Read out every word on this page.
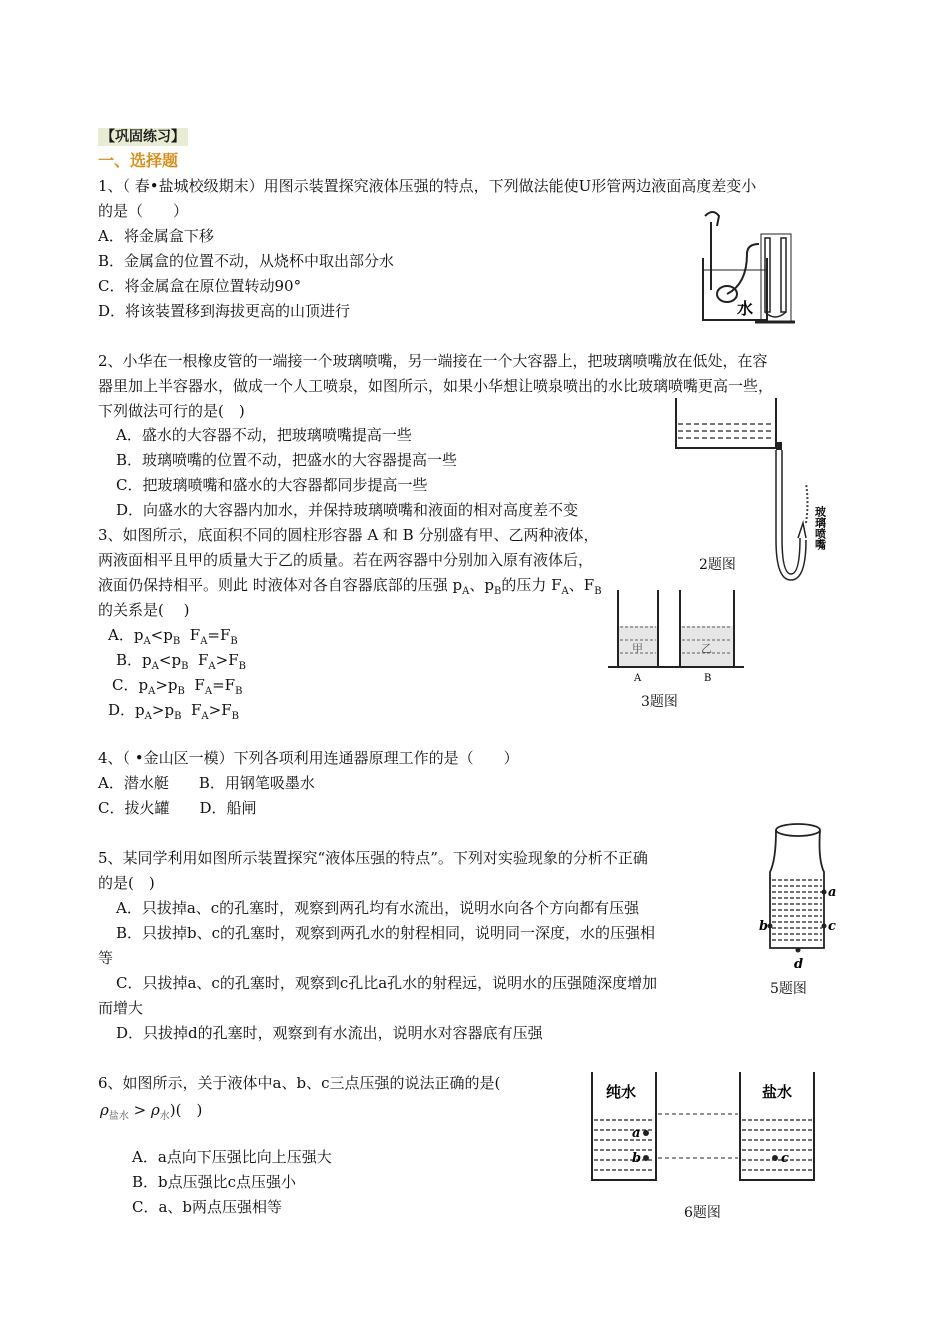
【巩固练习】
一、选择题
1、（ 春•盐城校级期末）用图示装置探究液体压强的特点，下列做法能使U形管两边液面高度差变小
的是（　　）
A．将金属盒下移
B．金属盒的位置不动，从烧杯中取出部分水
C．将金属盒在原位置转动90°
D．将该装置移到海拔更高的山顶进行	水
2、小华在一根橡皮管的一端接一个玻璃喷嘴，另一端接在一个大容器上，把玻璃喷嘴放在低处，在容
器里加上半容器水，做成一个人工喷泉，如图所示，如果小华想让喷泉喷出的水比玻璃喷嘴更高一些，
下列做法可行的是(　)
A．盛水的大容器不动，把玻璃喷嘴提高一些
B．玻璃喷嘴的位置不动，把盛水的大容器提高一些
C．把玻璃喷嘴和盛水的大容器都同步提高一些
D．向盛水的大容器内加水，并保持玻璃喷嘴和液面的相对高度差不变	玻璃喷嘴
2题图
3、如图所示，底面积不同的圆柱形容器 A 和 B 分别盛有甲、乙两种液体，
两液面相平且甲的质量大于乙的质量。若在两容器中分别加入原有液体后，
液面仍保持相平。则此 时液体对各自容器底部的压强 $p_A$、$p_B$的压力 $F_A$、$F_B$
的关系是(　 )
A．$p_A<p_B$ $F_A=F_B$
B．$p_A<p_B$ $F_A>F_B$
C．$p_A>p_B$ $F_A=F_B$
D．$p_A>p_B$ $F_A>F_B$
甲	乙
A	B
3题图
4、（ •金山区一模）下列各项利用连通器原理工作的是（　　）
A．潜水艇　　B．用钢笔吸墨水
C．拔火罐　　D．船闸
5、某同学利用如图所示装置探究“液体压强的特点”。下列对实验现象的分析不正确
的是(　)
A．只拔掉a、c的孔塞时，观察到两孔均有水流出，说明水向各个方向都有压强
B．只拔掉b、c的孔塞时，观察到两孔水的射程相同，说明同一深度，水的压强相
等
C．只拔掉a、c的孔塞时，观察到c孔比a孔水的射程远，说明水的压强随深度增加
而增大
D．只拔掉d的孔塞时，观察到有水流出，说明水对容器底有压强
a
b	c
d
5题图
6、如图所示，关于液体中a、b、c三点压强的说法正确的是(
$\rho_{盐水} > \rho_水$)(　)
A．a点向下压强比向上压强大
B．b点压强比c点压强小
C．a、b两点压强相等
a
b	c
纯水	盐水
6题图
